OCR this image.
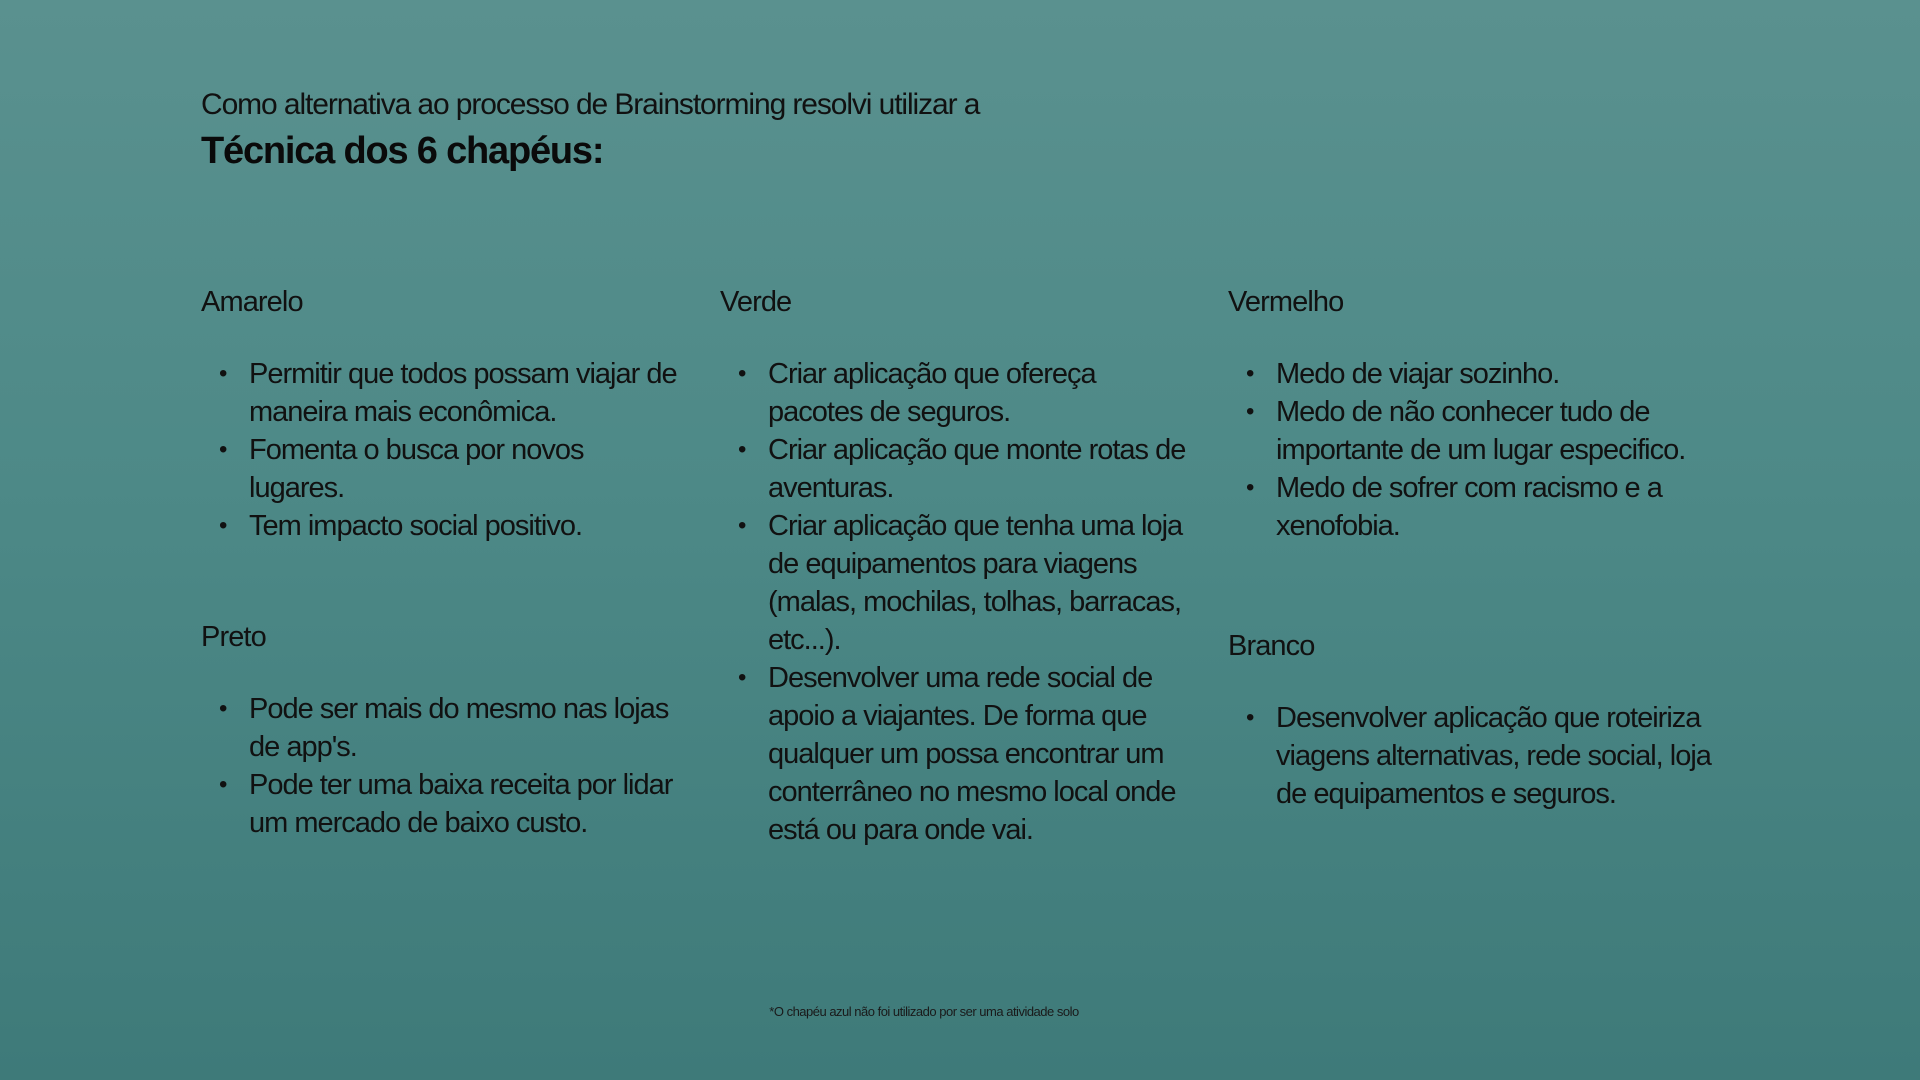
Como alternativa ao processo de Brainstorming resolvi utilizar a
Técnica dos 6 chapéus:
Amarelo
• Permitir que todos possam viajar de maneira mais econômica.
• Fomenta o busca por novos lugares.
• Tem impacto social positivo.
Preto
• Pode ser mais do mesmo nas lojas de app's.
• Pode ter uma baixa receita por lidar um mercado de baixo custo.
Verde
• Criar aplicação que ofereça pacotes de seguros.
• Criar aplicação que monte rotas de aventuras.
• Criar aplicação que tenha uma loja de equipamentos para viagens (malas, mochilas, tolhas, barracas, etc...).
• Desenvolver uma rede social de apoio a viajantes. De forma que qualquer um possa encontrar um conterrâneo no mesmo local onde está ou para onde vai.
Vermelho
• Medo de viajar sozinho.
• Medo de não conhecer tudo de importante de um lugar especifico.
• Medo de sofrer com racismo e a xenofobia.
Branco
• Desenvolver aplicação que roteiriza viagens alternativas, rede social, loja de equipamentos e seguros.
*O chapéu azul não foi utilizado por ser uma atividade solo
